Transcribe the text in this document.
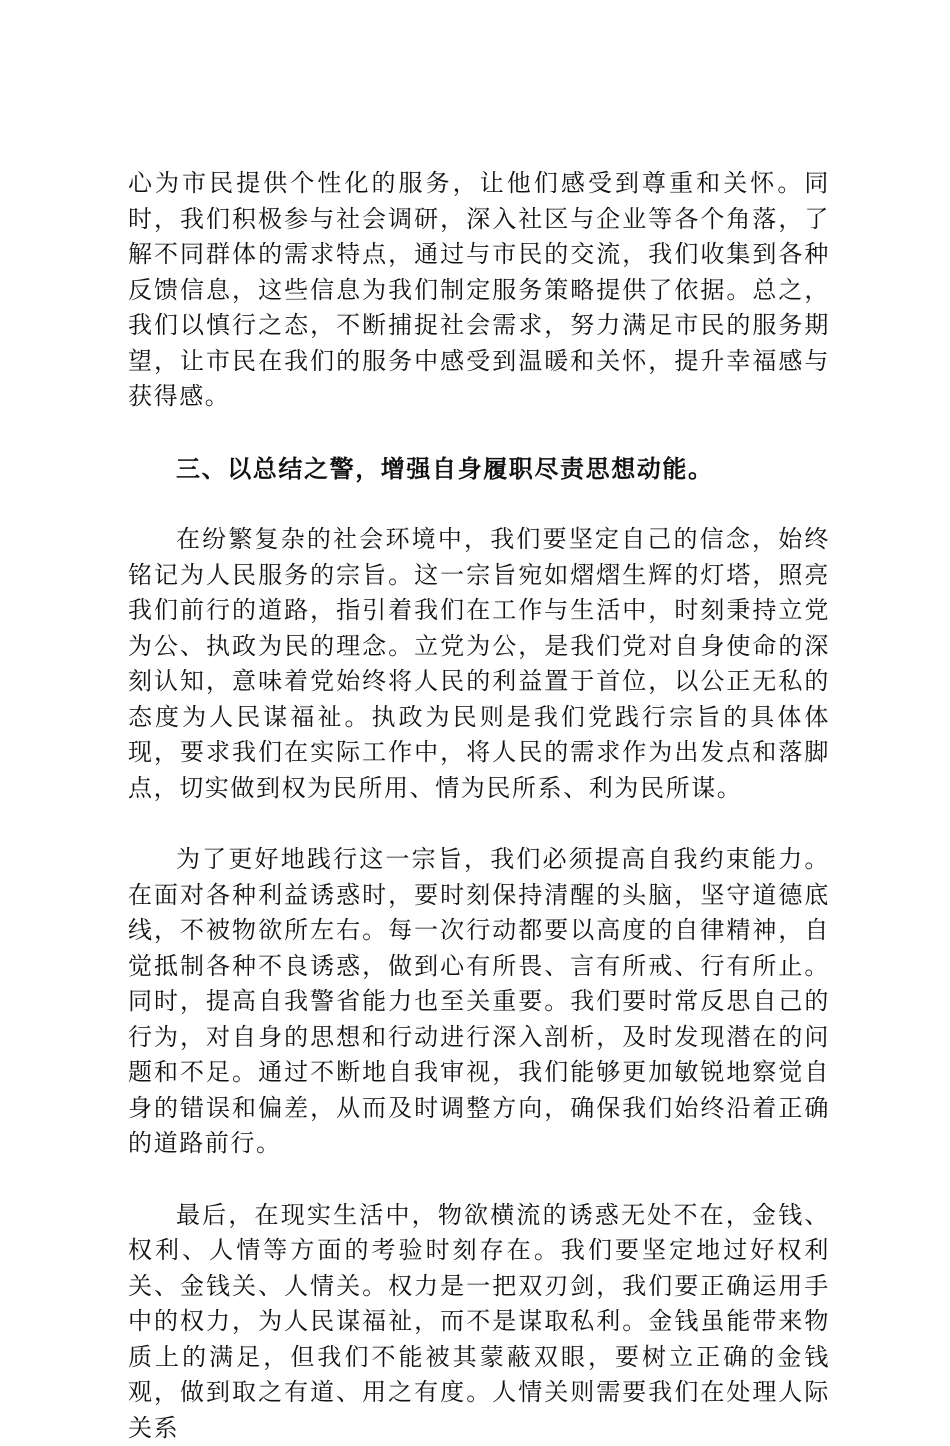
心为市民提供个性化的服务，让他们感受到尊重和关怀。同时，我们积极参与社会调研，深入社区与企业等各个角落，了解不同群体的需求特点，通过与市民的交流，我们收集到各种反馈信息，这些信息为我们制定服务策略提供了依据。总之，我们以慎行之态，不断捕捉社会需求，努力满足市民的服务期望，让市民在我们的服务中感受到温暖和关怀，提升幸福感与获得感。

三、以总结之警，增强自身履职尽责思想动能。

在纷繁复杂的社会环境中，我们要坚定自己的信念，始终铭记为人民服务的宗旨。这一宗旨宛如熠熠生辉的灯塔，照亮我们前行的道路，指引着我们在工作与生活中，时刻秉持立党为公、执政为民的理念。立党为公，是我们党对自身使命的深刻认知，意味着党始终将人民的利益置于首位，以公正无私的态度为人民谋福祉。执政为民则是我们党践行宗旨的具体体现，要求我们在实际工作中，将人民的需求作为出发点和落脚点，切实做到权为民所用、情为民所系、利为民所谋。

为了更好地践行这一宗旨，我们必须提高自我约束能力。在面对各种利益诱惑时，要时刻保持清醒的头脑，坚守道德底线，不被物欲所左右。每一次行动都要以高度的自律精神，自觉抵制各种不良诱惑，做到心有所畏、言有所戒、行有所止。同时，提高自我警省能力也至关重要。我们要时常反思自己的行为，对自身的思想和行动进行深入剖析，及时发现潜在的问题和不足。通过不断地自我审视，我们能够更加敏锐地察觉自身的错误和偏差，从而及时调整方向，确保我们始终沿着正确的道路前行。

最后，在现实生活中，物欲横流的诱惑无处不在，金钱、权利、人情等方面的考验时刻存在。我们要坚定地过好权利关、金钱关、人情关。权力是一把双刃剑，我们要正确运用手中的权力，为人民谋福祉，而不是谋取私利。金钱虽能带来物质上的满足，但我们不能被其蒙蔽双眼，要树立正确的金钱观，做到取之有道、用之有度。人情关则需要我们在处理人际关系
